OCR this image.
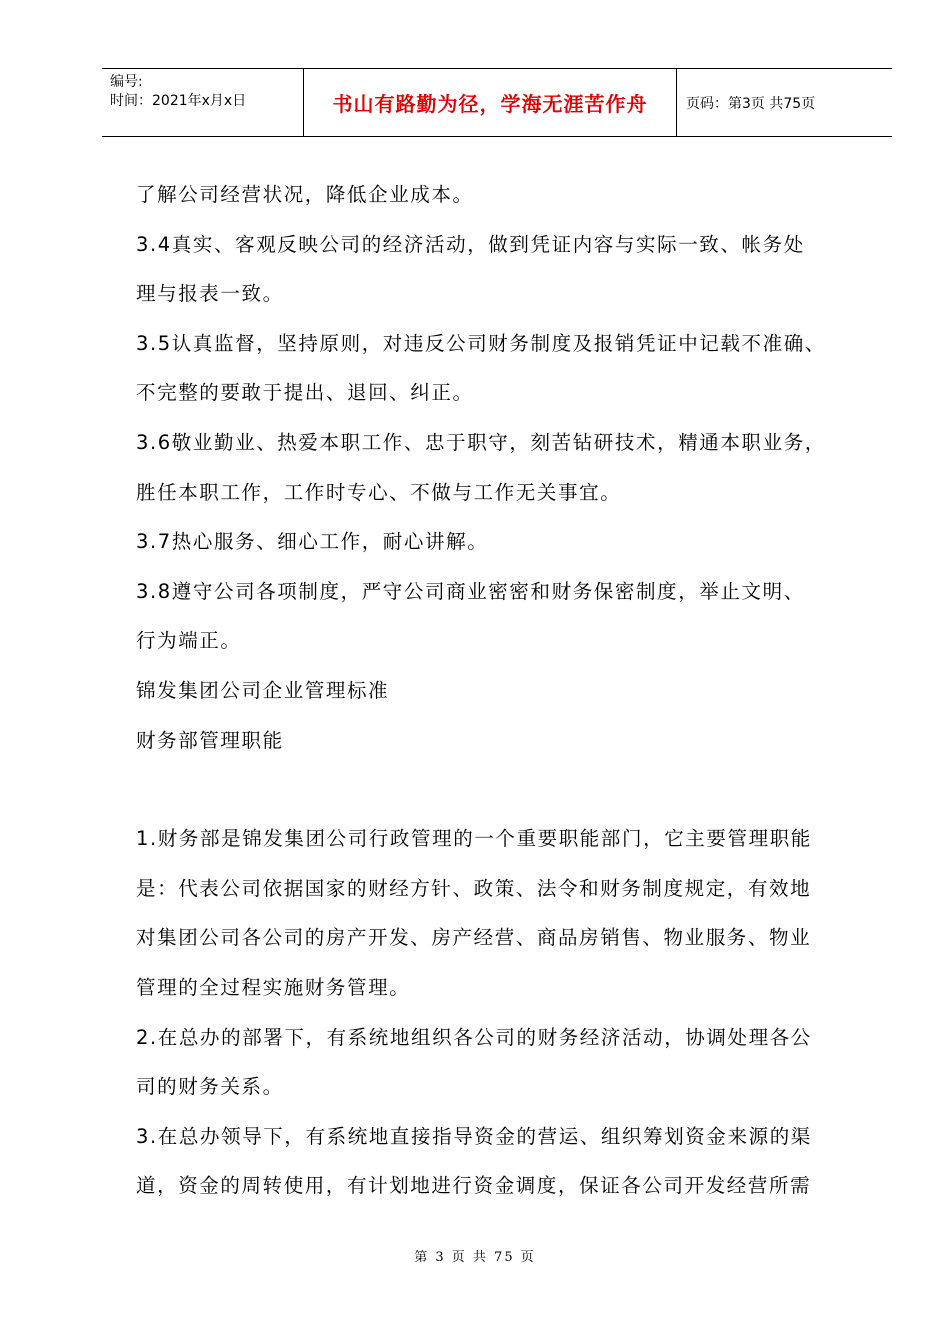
编号:
时间：2021年x月x日	书山有路勤为径，学海无涯苦作舟	页码：第3页 共75页

了解公司经营状况，降低企业成本。

3.4真实、客观反映公司的经济活动，做到凭证内容与实际一致、帐务处

理与报表一致。

3.5认真监督，坚持原则，对违反公司财务制度及报销凭证中记载不准确、

不完整的要敢于提出、退回、纠正。

3.6敬业勤业、热爱本职工作、忠于职守，刻苦钻研技术，精通本职业务，

胜任本职工作，工作时专心、不做与工作无关事宜。

3.7热心服务、细心工作，耐心讲解。

3.8遵守公司各项制度，严守公司商业密密和财务保密制度，举止文明、

行为端正。

锦发集团公司企业管理标准

财务部管理职能

1.财务部是锦发集团公司行政管理的一个重要职能部门，它主要管理职能

是：代表公司依据国家的财经方针、政策、法令和财务制度规定，有效地

对集团公司各公司的房产开发、房产经营、商品房销售、物业服务、物业

管理的全过程实施财务管理。

2.在总办的部署下，有系统地组织各公司的财务经济活动，协调处理各公

司的财务关系。

3.在总办领导下，有系统地直接指导资金的营运、组织筹划资金来源的渠

道，资金的周转使用，有计划地进行资金调度，保证各公司开发经营所需

第 3 页 共 75 页
